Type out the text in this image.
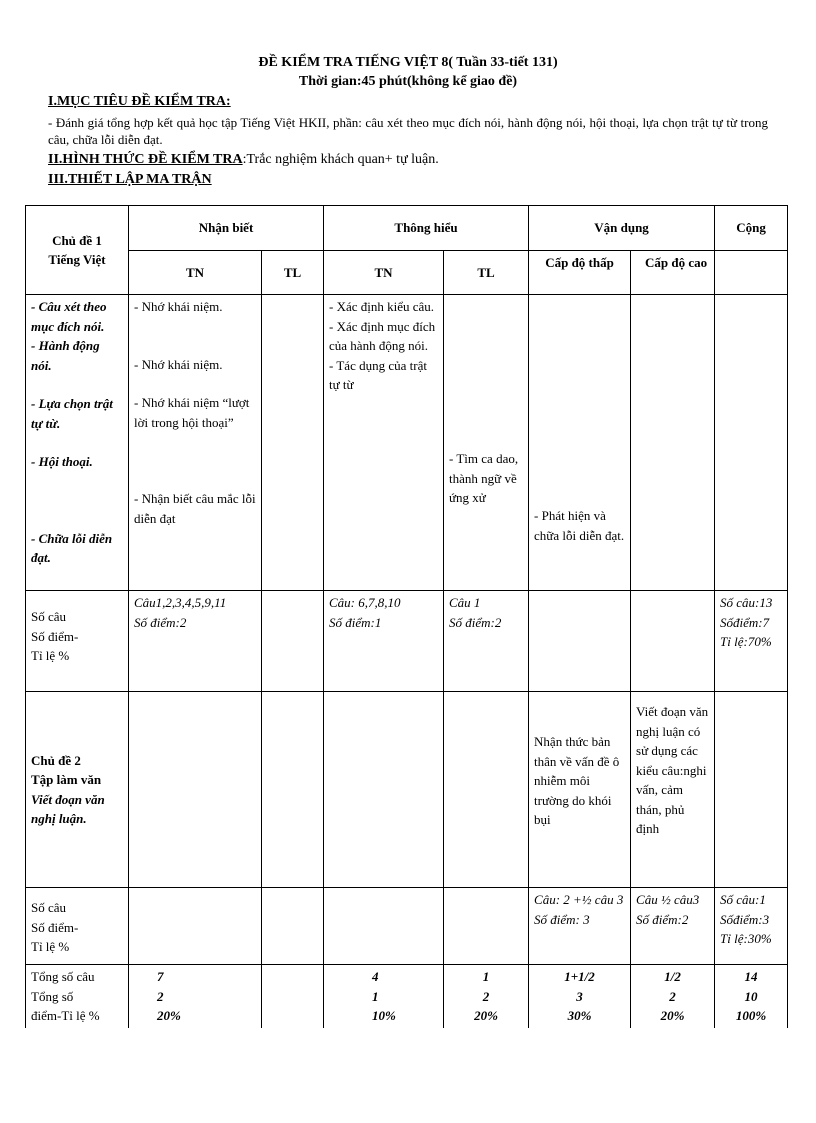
ĐỀ KIỂM TRA TIẾNG VIỆT 8( Tuần 33-tiết 131)
Thời gian:45 phút(không kể giao đề)
I.MỤC TIÊU ĐỀ KIỂM TRA:
- Đánh giá tổng hợp kết quả học tập Tiếng Việt HKII, phần: câu xét theo mục đích nói, hành động nói, hội thoại, lựa chọn trật tự từ trong câu, chữa lỗi diễn đạt.
II.HÌNH THỨC ĐỀ KIỂM TRA:Trắc nghiệm khách quan+ tự luận.
III.THIẾT LẬP MA TRẬN
Chủ đề 1
Tiếng Việt	Nhận biết		Thông hiểu		Vận dụng		Cộng
	TN	TL	TN	TL	Cấp độ thấp	Cấp độ cao	

- Câu xét theo mục đích nói.
- Hành động nói.
- Lựa chọn trật tự từ.
- Hội thoại.
- Chữa lỗi diễn đạt.	- Nhớ khái niệm.
- Nhớ khái niệm.
- Nhớ khái niệm “lượt lời trong hội thoại”
- Nhận biết câu mắc lỗi diễn đạt		- Xác định kiểu câu.
- Xác định mục đích của hành động nói.
- Tác dụng của trật tự từ	- Tìm ca dao, thành ngữ về ứng xử	- Phát hiện và chữa lỗi diễn đạt.		

Số câu
Số điểm-
Tỉ lệ %	Câu1,2,3,4,5,9,11
Số điểm:2		Câu: 6,7,8,10
Số điểm:1	Câu 1
Số điểm:2			Số câu:13
Sốđiểm:7
Tỉ lệ:70%

Chủ đề 2
Tập làm văn
Viết đoạn văn nghị luận.					Nhận thức bản thân về vấn đề ô nhiễm môi trường do khói bụi	Viết đoạn văn nghị luận có sử dụng các kiểu câu:nghi vấn, cảm thán, phủ định	

Số câu
Số điểm-
Tỉ lệ %					Câu: 2 +½ câu 3
Số điểm: 3	Câu ½ câu3
Số điểm:2	Số câu:1
Sốđiểm:3
Tỉ lệ:30%

Tổng số câu
Tổng số
điểm-Tỉ lệ %	7
2
20%		4
1
10%	1
2
20%	1+1/2
3
30%	1/2
2
20%	14
10
100%
